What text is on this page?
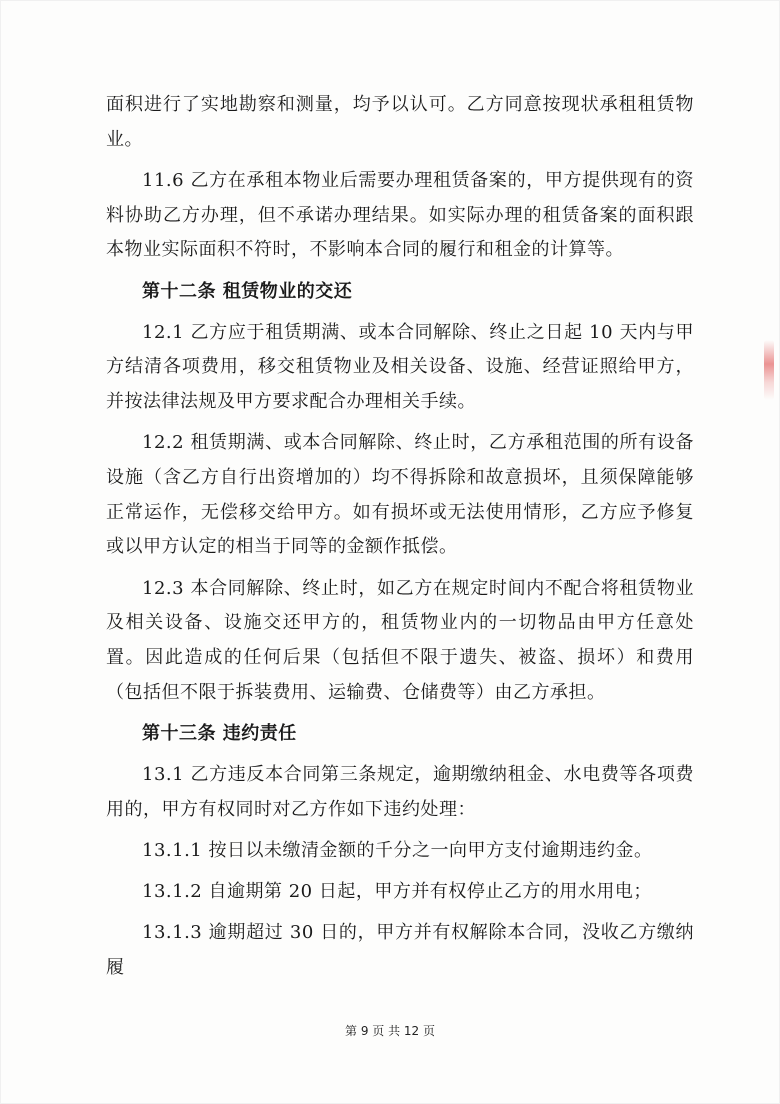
面积进行了实地勘察和测量，均予以认可。乙方同意按现状承租租赁物业。

11.6 乙方在承租本物业后需要办理租赁备案的，甲方提供现有的资料协助乙方办理，但不承诺办理结果。如实际办理的租赁备案的面积跟本物业实际面积不符时，不影响本合同的履行和租金的计算等。

第十二条 租赁物业的交还

12.1 乙方应于租赁期满、或本合同解除、终止之日起 10 天内与甲方结清各项费用，移交租赁物业及相关设备、设施、经营证照给甲方，并按法律法规及甲方要求配合办理相关手续。

12.2 租赁期满、或本合同解除、终止时，乙方承租范围的所有设备设施（含乙方自行出资增加的）均不得拆除和故意损坏，且须保障能够正常运作，无偿移交给甲方。如有损坏或无法使用情形，乙方应予修复或以甲方认定的相当于同等的金额作抵偿。

12.3 本合同解除、终止时，如乙方在规定时间内不配合将租赁物业及相关设备、设施交还甲方的，租赁物业内的一切物品由甲方任意处置。因此造成的任何后果（包括但不限于遗失、被盗、损坏）和费用（包括但不限于拆装费用、运输费、仓储费等）由乙方承担。

第十三条 违约责任

13.1 乙方违反本合同第三条规定，逾期缴纳租金、水电费等各项费用的，甲方有权同时对乙方作如下违约处理：

13.1.1 按日以未缴清金额的千分之一向甲方支付逾期违约金。

13.1.2 自逾期第 20 日起，甲方并有权停止乙方的用水用电；

13.1.3 逾期超过 30 日的，甲方并有权解除本合同，没收乙方缴纳履

第 9 页 共 12 页
